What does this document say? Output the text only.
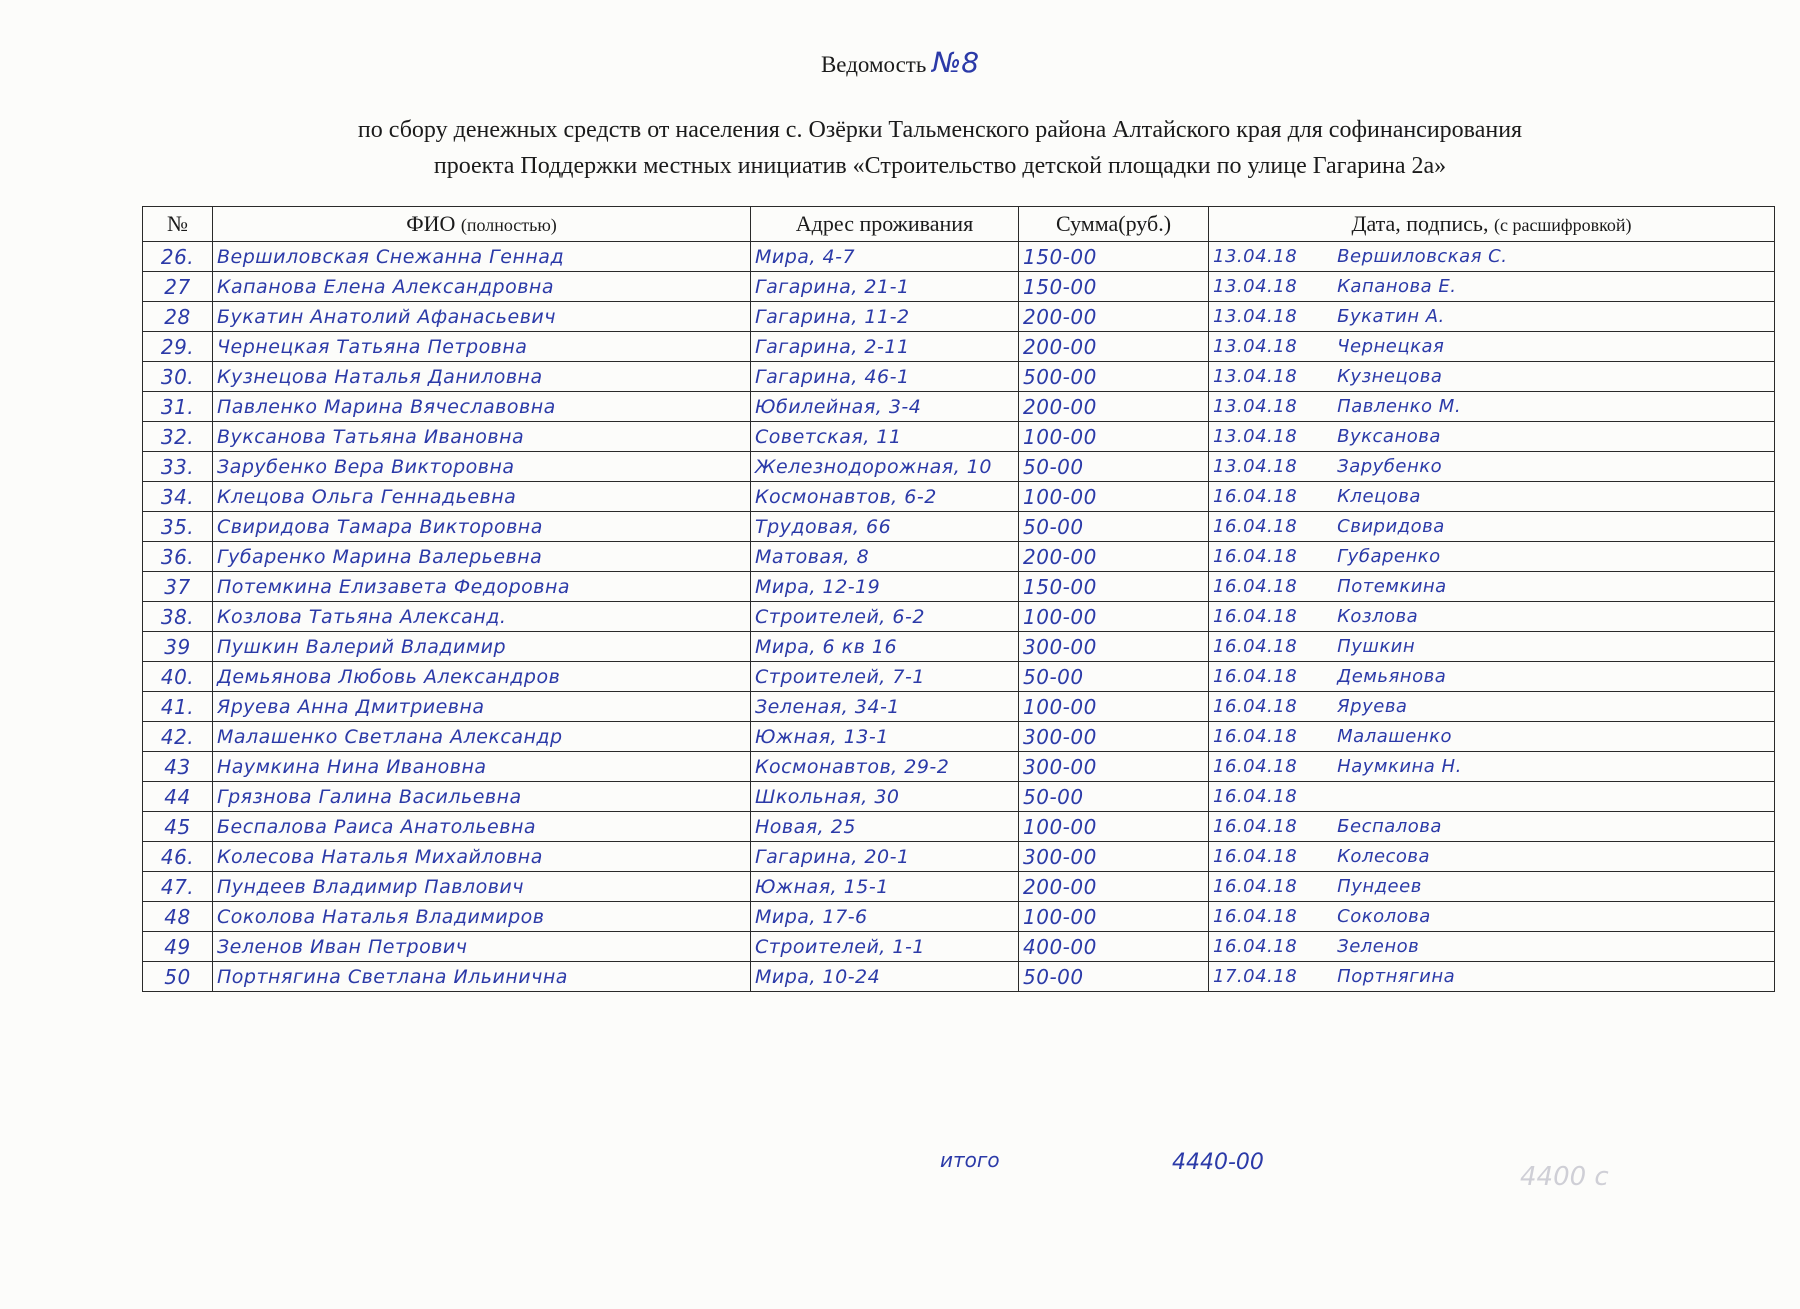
Ведомость №8
по сбору денежных средств от населения с. Озёрки Тальменского района Алтайского края для софинансирования
проекта Поддержки местных инициатив «Строительство детской площадки по улице Гагарина 2а»
№	ФИО (полностью)	Адрес проживания	Сумма(руб.)	Дата, подпись, (с расшифровкой)
26.	Вершиловская Снежанна Геннад	Мира, 4-7	150-00	13.04.18 Вершиловская С.
27	Капанова Елена Александровна	Гагарина, 21-1	150-00	13.04.18 Капанова Е.
28	Букатин Анатолий Афанасьевич	Гагарина, 11-2	200-00	13.04.18 Букатин А.
29.	Чернецкая Татьяна Петровна	Гагарина, 2-11	200-00	13.04.18 Чернецкая
30.	Кузнецова Наталья Даниловна	Гагарина, 46-1	500-00	13.04.18 Кузнецова
31.	Павленко Марина Вячеславовна	Юбилейная, 3-4	200-00	13.04.18 Павленко М.
32.	Вуксанова Татьяна Ивановна	Советская, 11	100-00	13.04.18 Вуксанова
33.	Зарубенко Вера Викторовна	Железнодорожная, 10	50-00	13.04.18 Зарубенко
34.	Клецова Ольга Геннадьевна	Космонавтов, 6-2	100-00	16.04.18 Клецова
35.	Свиридова Тамара Викторовна	Трудовая, 66	50-00	16.04.18 Свиридова
36.	Губаренко Марина Валерьевна	Матовая, 8	200-00	16.04.18 Губаренко
37	Потемкина Елизавета Федоровна	Мира, 12-19	150-00	16.04.18 Потемкина
38.	Козлова Татьяна Александ.	Строителей, 6-2	100-00	16.04.18 Козлова
39	Пушкин Валерий Владимир	Мира, 6 кв 16	300-00	16.04.18 Пушкин
40.	Демьянова Любовь Александров	Строителей, 7-1	50-00	16.04.18 Демьянова
41.	Яруева Анна Дмитриевна	Зеленая, 34-1	100-00	16.04.18 Яруева
42.	Малашенко Светлана Александр	Южная, 13-1	300-00	16.04.18 Малашенко
43	Наумкина Нина Ивановна	Космонавтов, 29-2	300-00	16.04.18 Наумкина Н.
44	Грязнова Галина Васильевна	Школьная, 30	50-00	16.04.18
45	Беспалова Раиса Анатольевна	Новая, 25	100-00	16.04.18 Беспалова
46.	Колесова Наталья Михайловна	Гагарина, 20-1	300-00	16.04.18 Колесова
47.	Пундеев Владимир Павлович	Южная, 15-1	200-00	16.04.18 Пундеев
48	Соколова Наталья Владимиров	Мира, 17-6	100-00	16.04.18 Соколова
49	Зеленов Иван Петрович	Строителей, 1-1	400-00	16.04.18 Зеленов
50	Портнягина Светлана Ильинична	Мира, 10-24	50-00	17.04.18 Портнягина
итого	4440-00	4400 с
